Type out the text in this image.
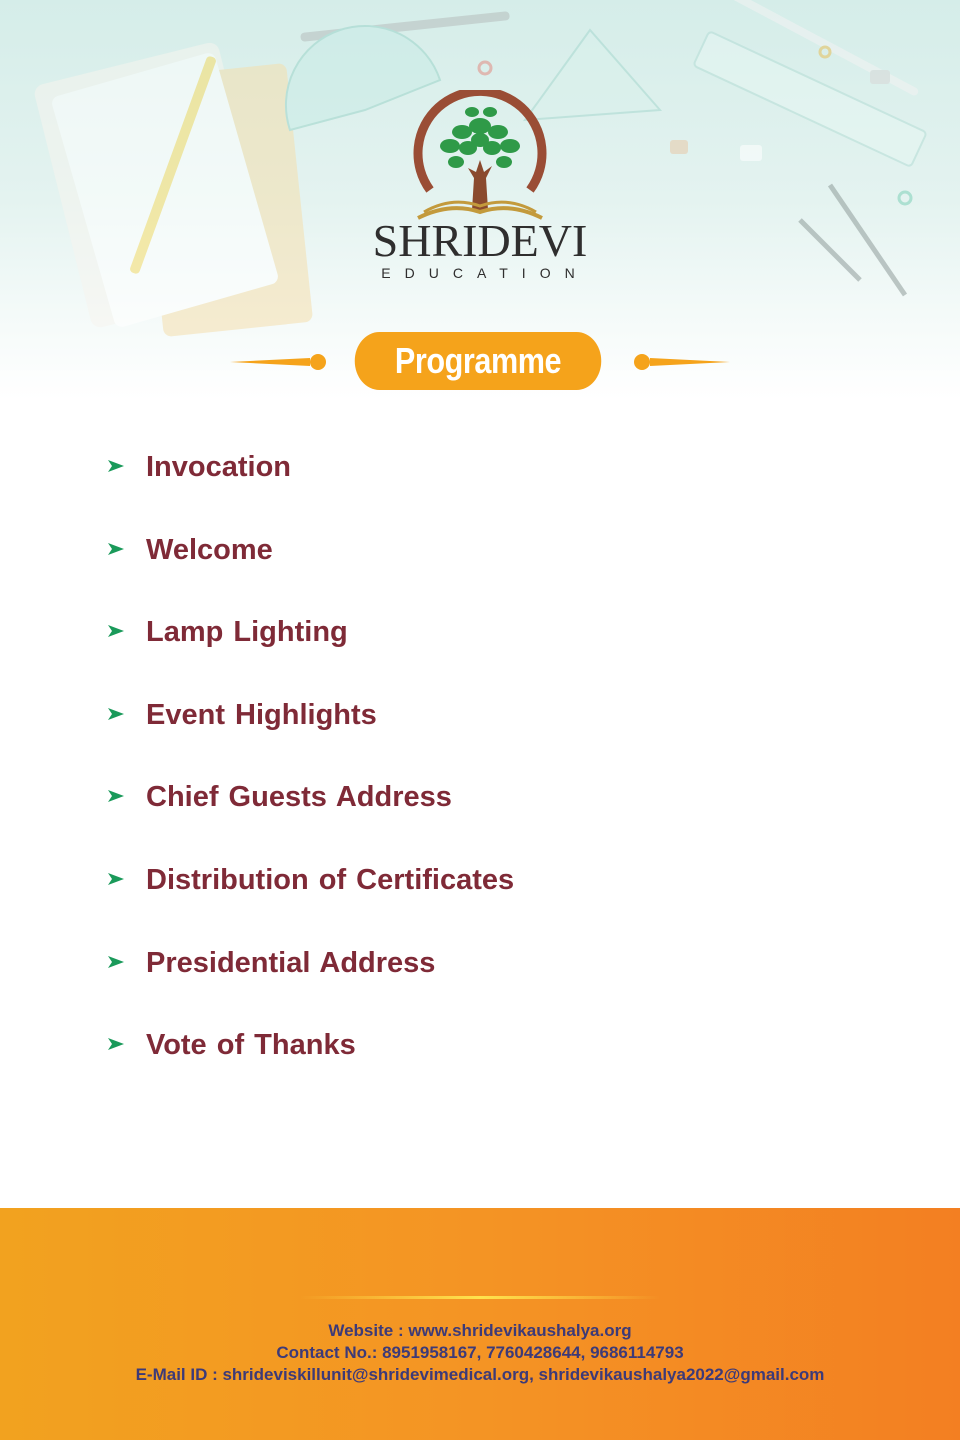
SHRIDEVI
EDUCATION
Programme
Invocation
Welcome
Lamp Lighting
Event Highlights
Chief Guests Address
Distribution of Certificates
Presidential Address
Vote of Thanks
Website : www.shridevikaushalya.org
Contact No.: 8951958167, 7760428644, 9686114793
E-Mail ID : shrideviskillunit@shridevimedical.org, shridevikaushalya2022@gmail.com
